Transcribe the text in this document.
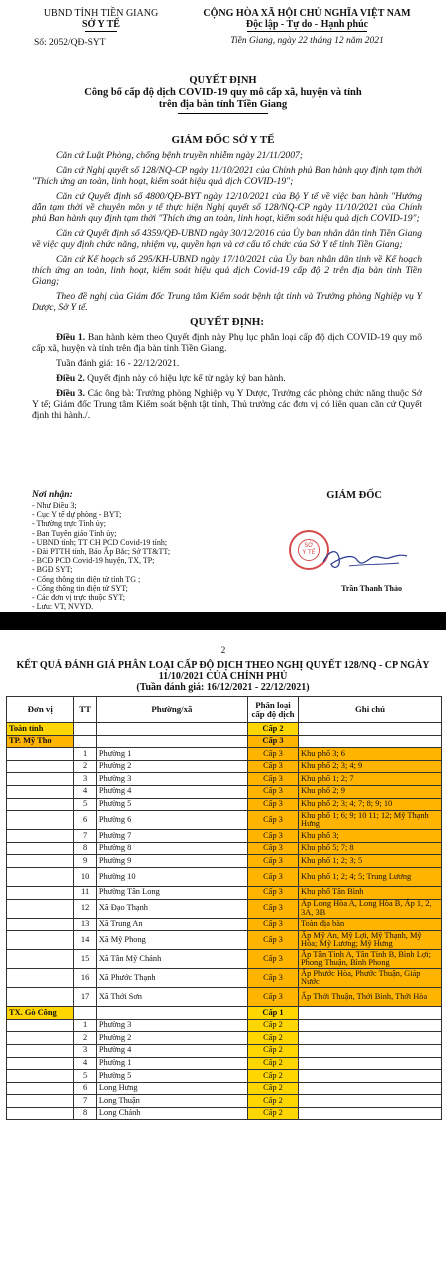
UBND TỈNH TIỀN GIANG
SỞ Y TẾ
Số: 2052/QĐ-SYT
CỘNG HÒA XÃ HỘI CHỦ NGHĨA VIỆT NAM
Độc lập - Tự do - Hạnh phúc
Tiền Giang, ngày 22 tháng 12 năm 2021
QUYẾT ĐỊNH
Công bố cấp độ dịch COVID-19 quy mô cấp xã, huyện và tỉnh
trên địa bàn tỉnh Tiền Giang
GIÁM ĐỐC SỞ Y TẾ

Căn cứ Luật Phòng, chống bệnh truyền nhiễm ngày 21/11/2007;

Căn cứ Nghị quyết số 128/NQ-CP ngày 11/10/2021 của Chính phủ Ban hành quy định tạm thời "Thích ứng an toàn, linh hoạt, kiểm soát hiệu quả dịch COVID-19";

Căn cứ Quyết định số 4800/QĐ-BYT ngày 12/10/2021 của Bộ Y tế về việc ban hành "Hướng dẫn tạm thời về chuyên môn y tế thực hiện Nghị quyết số 128/NQ-CP ngày 11/10/2021 của Chính phủ Ban hành quy định tạm thời "Thích ứng an toàn, linh hoạt, kiểm soát hiệu quả dịch COVID-19";

Căn cứ Quyết định số 4359/QĐ-UBND ngày 30/12/2016 của Ủy ban nhân dân tỉnh Tiền Giang về việc quy định chức năng, nhiệm vụ, quyền hạn và cơ cấu tổ chức của Sở Y tế tỉnh Tiền Giang;

Căn cứ Kế hoạch số 295/KH-UBND ngày 17/10/2021 của Ủy ban nhân dân tỉnh về Kế hoạch thích ứng an toàn, linh hoạt, kiểm soát hiệu quả dịch Covid-19 cấp độ 2 trên địa bàn tỉnh Tiền Giang;

Theo đề nghị của Giám đốc Trung tâm Kiểm soát bệnh tật tỉnh và Trưởng phòng Nghiệp vụ Y Dược, Sở Y tế.

QUYẾT ĐỊNH:

Điều 1. Ban hành kèm theo Quyết định này Phụ lục phân loại cấp độ dịch COVID-19 quy mô cấp xã, huyện và tỉnh trên địa bàn tỉnh Tiền Giang.

Tuần đánh giá: 16 - 22/12/2021.

Điều 2. Quyết định này có hiệu lực kể từ ngày ký ban hành.

Điều 3. Các ông bà: Trưởng phòng Nghiệp vụ Y Dược, Trưởng các phòng chức năng thuộc Sở Y tế; Giám đốc Trung tâm Kiểm soát bệnh tật tỉnh, Thủ trưởng các đơn vị có liên quan căn cứ Quyết định thi hành./.

Nơi nhận:
- Như Điều 3;
- Cục Y tế dự phòng - BYT;
- Thường trực Tỉnh ủy;
- Ban Tuyên giáo Tỉnh ủy;
- UBND tỉnh; TT CH PCD Covid-19 tỉnh;
- Đài PTTH tỉnh, Báo Ấp Bắc; Sở TT&TT;
- BCĐ PCD Covid-19 huyện, TX, TP;
- BGĐ SYT;
- Cổng thông tin điện tử tỉnh TG ;
- Cổng thông tin điện tử SYT;
- Các đơn vị trực thuộc SYT;
- Lưu: VT, NVYD.
GIÁM ĐỐC
SỞ
Y TẾ
Trần Thanh Thảo
2
KẾT QUẢ ĐÁNH GIÁ PHÂN LOẠI CẤP ĐỘ DỊCH THEO NGHỊ QUYẾT 128/NQ - CP NGÀY
11/10/2021 CỦA CHÍNH PHỦ
(Tuần đánh giá: 16/12/2021 - 22/12/2021)
Đơn vị	TT	Phường/xã	Phân loại cấp độ dịch	Ghi chú
Toàn tỉnh			Cấp 2	
TP. Mỹ Tho			Cấp 3	
	1	Phường 1	Cấp 3	Khu phố 3; 6
	2	Phường 2	Cấp 3	Khu phố 2; 3; 4; 9
	3	Phường 3	Cấp 3	Khu phố 1; 2; 7
	4	Phường 4	Cấp 3	Khu phố 2; 9
	5	Phường 5	Cấp 3	Khu phố 2; 3; 4; 7; 8; 9; 10
	6	Phường 6	Cấp 3	Khu phố 1; 6; 9; 10 11; 12; Mỹ Thạnh Hưng
	7	Phường 7	Cấp 3	Khu phố 3;
	8	Phường 8	Cấp 3	Khu phố 5; 7; 8
	9	Phường 9	Cấp 3	Khu phố 1; 2; 3; 5
	10	Phường 10	Cấp 3	Khu phố 1; 2; 4; 5; Trung Lương
	11	Phường Tân Long	Cấp 3	Khu phố Tân Bình
	12	Xã Đạo Thạnh	Cấp 3	Ấp Long Hòa A, Long Hòa B, Ấp 1, 2, 3A, 3B
	13	Xã Trung An	Cấp 3	Toàn địa bàn
	14	Xã Mỹ Phong	Cấp 3	Ấp Mỹ An, Mỹ Lợi, Mỹ Thạnh, Mỹ Hòa; Mỹ Lương; Mỹ Hưng
	15	Xã Tân Mỹ Chánh	Cấp 3	Ấp Tân Tỉnh A, Tân Tỉnh B, Bình Lợi; Phong Thuận, Bình Phong
	16	Xã Phước Thạnh	Cấp 3	Ấp Phước Hòa, Phước Thuận, Giáp Nước
	17	Xã Thới Sơn	Cấp 3	Ấp Thới Thuận, Thới Bình, Thới Hòa
TX. Gò Công			Cấp 1	
	1	Phường 3	Cấp 2	
	2	Phường 2	Cấp 2	
	3	Phường 4	Cấp 2	
	4	Phường 1	Cấp 2	
	5	Phường 5	Cấp 2	
	6	Long Hưng	Cấp 2	
	7	Long Thuận	Cấp 2	
	8	Long Chánh	Cấp 2	
